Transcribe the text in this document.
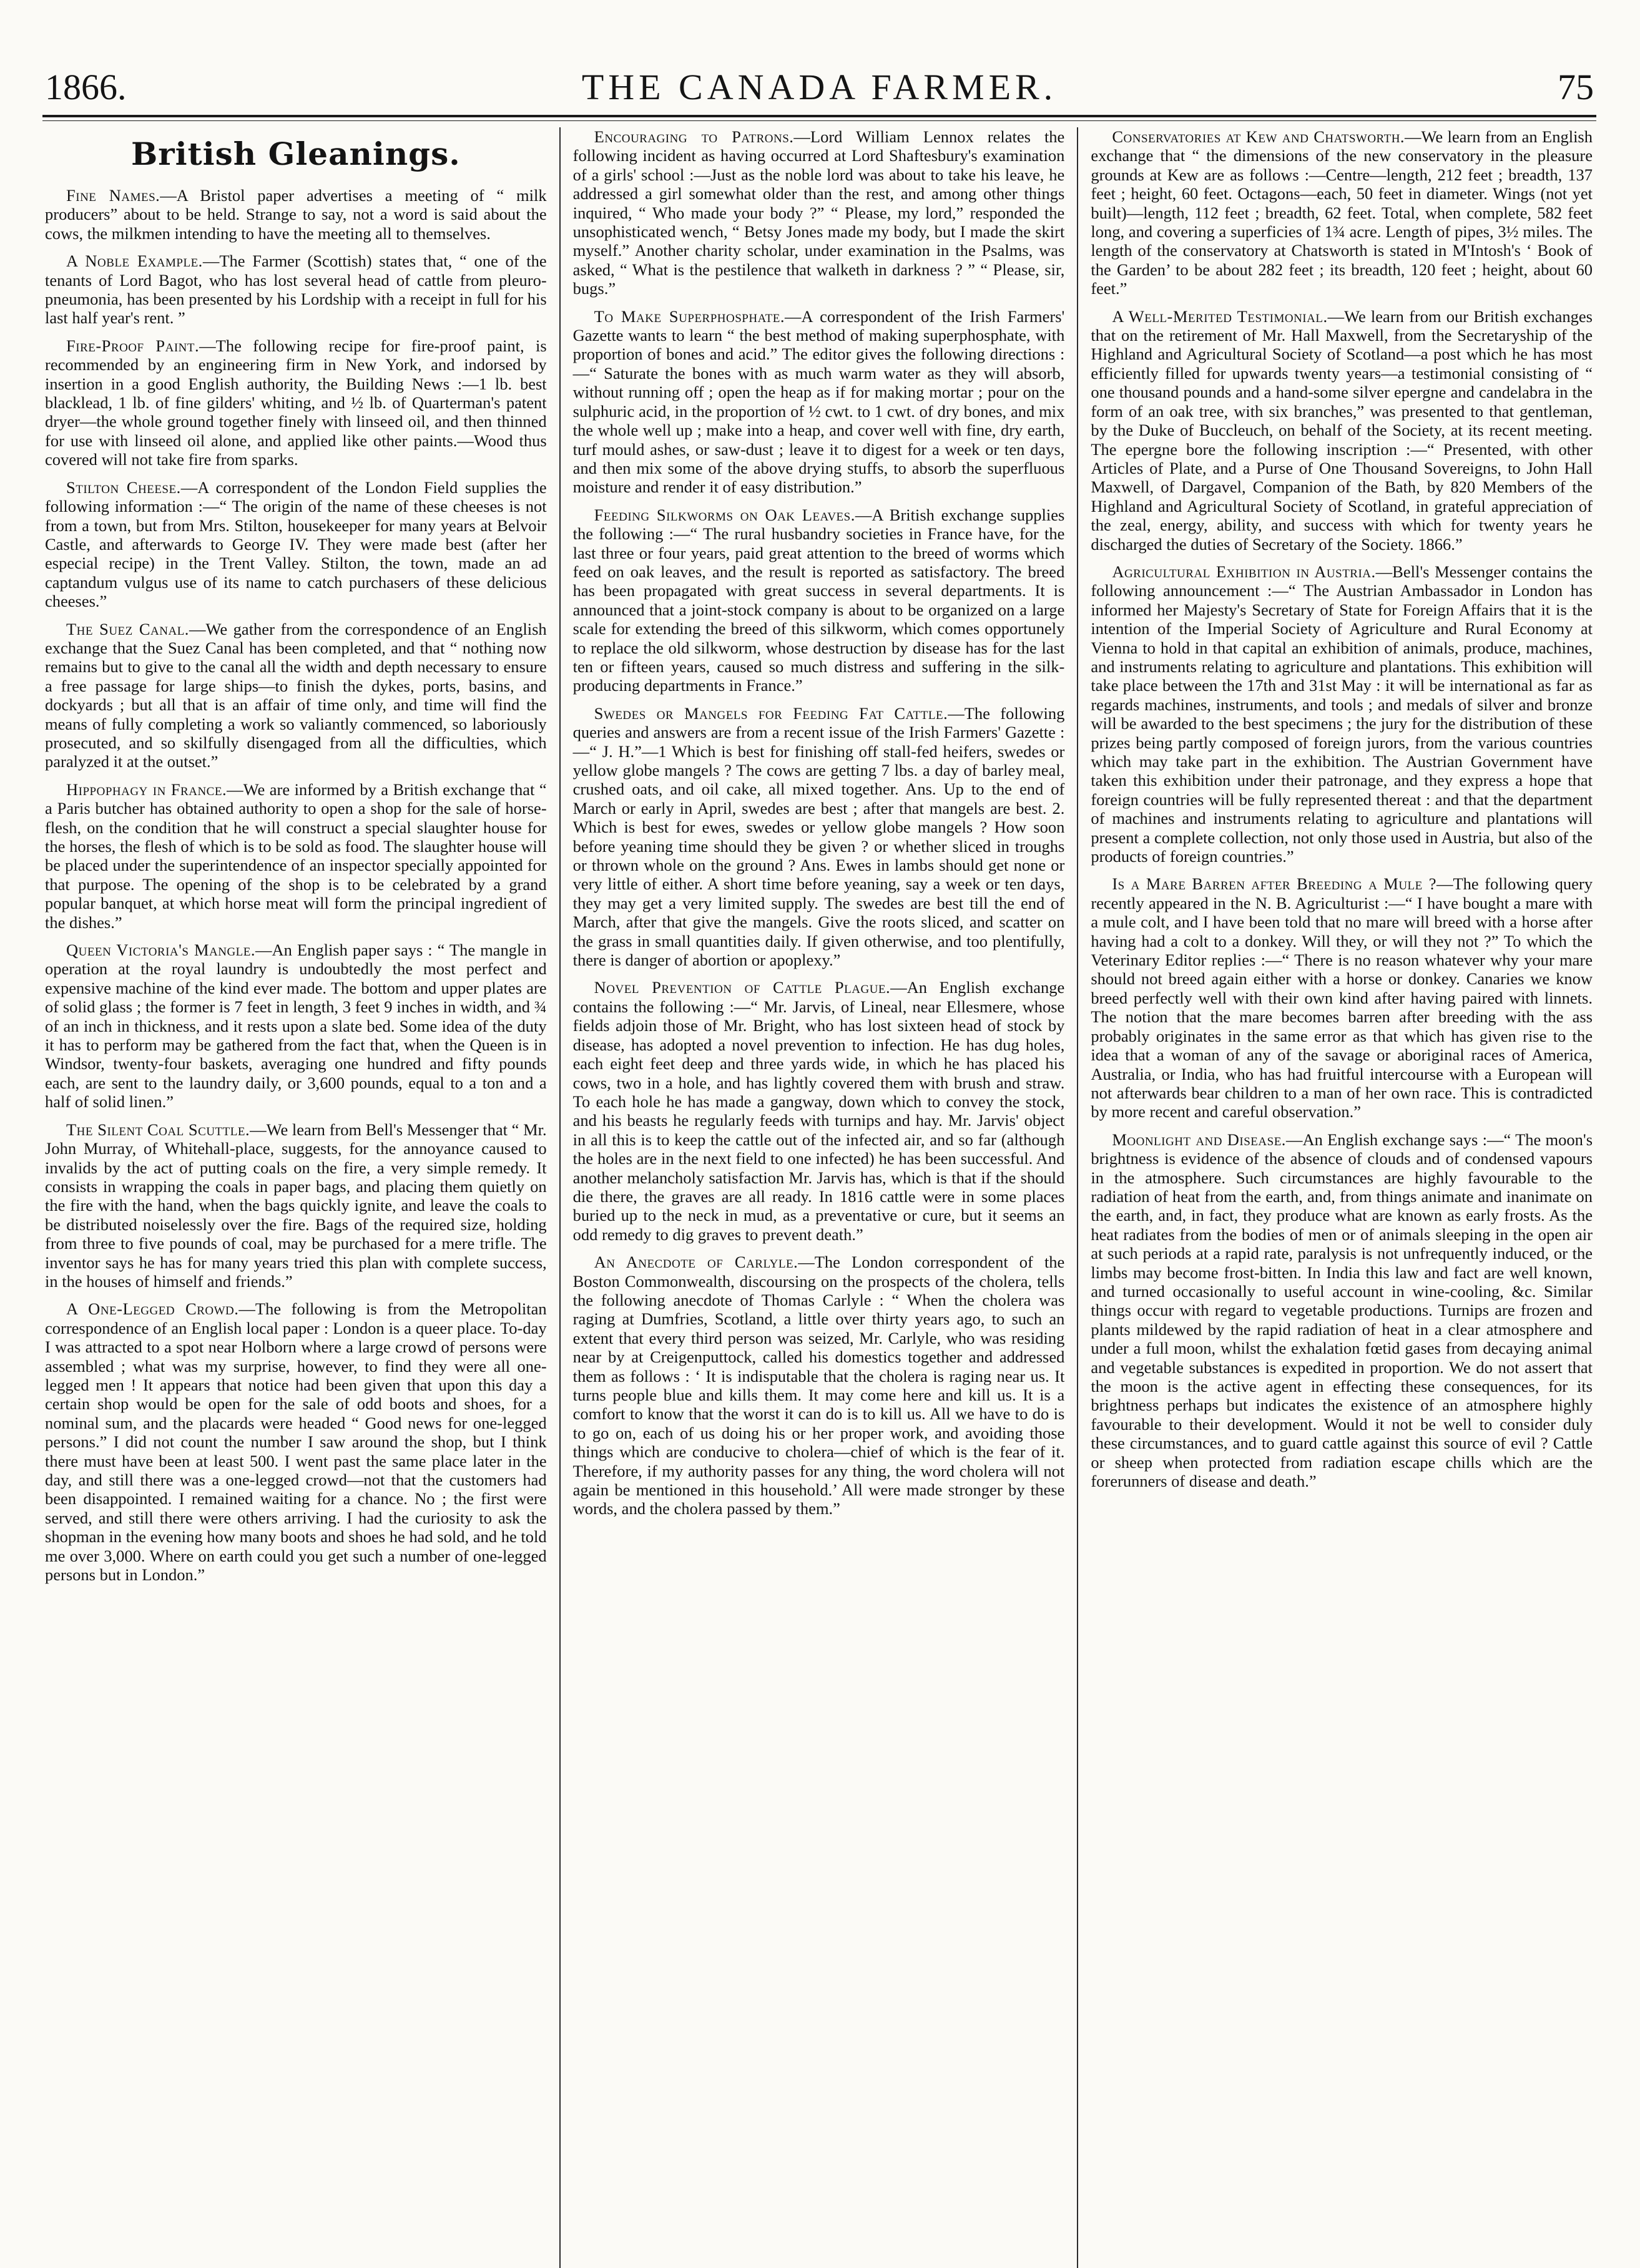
1866.	THE CANADA FARMER.	75
British Gleanings.

Fine Names.—A Bristol paper advertises a meeting of “ milk producers” about to be held. Strange to say, not a word is said about the cows, the milkmen intending to have the meeting all to themselves.

A Noble Example.—The Farmer (Scottish) states that, “ one of the tenants of Lord Bagot, who has lost several head of cattle from pleuro-pneumonia, has been presented by his Lordship with a receipt in full for his last half year's rent. ”

Fire-Proof Paint.—The following recipe for fire-proof paint, is recommended by an engineering firm in New York, and indorsed by insertion in a good English authority, the Building News :—1 lb. best blacklead, 1 lb. of fine gilders' whiting, and ½ lb. of Quarterman's patent dryer—the whole ground together finely with linseed oil, and then thinned for use with linseed oil alone, and applied like other paints.—Wood thus covered will not take fire from sparks.

Stilton Cheese.—A correspondent of the London Field supplies the following information :—“ The origin of the name of these cheeses is not from a town, but from Mrs. Stilton, housekeeper for many years at Belvoir Castle, and afterwards to George IV. They were made best (after her especial recipe) in the Trent Valley. Stilton, the town, made an ad captandum vulgus use of its name to catch purchasers of these delicious cheeses.”

The Suez Canal.—We gather from the correspondence of an English exchange that the Suez Canal has been completed, and that “ nothing now remains but to give to the canal all the width and depth necessary to ensure a free passage for large ships—to finish the dykes, ports, basins, and dockyards ; but all that is an affair of time only, and time will find the means of fully completing a work so valiantly commenced, so laboriously prosecuted, and so skilfully disengaged from all the difficulties, which paralyzed it at the outset.”

Hippophagy in France.—We are informed by a British exchange that “ a Paris butcher has obtained authority to open a shop for the sale of horse-flesh, on the condition that he will construct a special slaughter house for the horses, the flesh of which is to be sold as food. The slaughter house will be placed under the superintendence of an inspector specially appointed for that purpose. The opening of the shop is to be celebrated by a grand popular banquet, at which horse meat will form the principal ingredient of the dishes.”

Queen Victoria's Mangle.—An English paper says : “ The mangle in operation at the royal laundry is undoubtedly the most perfect and expensive machine of the kind ever made. The bottom and upper plates are of solid glass ; the former is 7 feet in length, 3 feet 9 inches in width, and ¾ of an inch in thickness, and it rests upon a slate bed. Some idea of the duty it has to perform may be gathered from the fact that, when the Queen is in Windsor, twenty-four baskets, averaging one hundred and fifty pounds each, are sent to the laundry daily, or 3,600 pounds, equal to a ton and a half of solid linen.”

The Silent Coal Scuttle.—We learn from Bell's Messenger that “ Mr. John Murray, of Whitehall-place, suggests, for the annoyance caused to invalids by the act of putting coals on the fire, a very simple remedy. It consists in wrapping the coals in paper bags, and placing them quietly on the fire with the hand, when the bags quickly ignite, and leave the coals to be distributed noiselessly over the fire. Bags of the required size, holding from three to five pounds of coal, may be purchased for a mere trifle. The inventor says he has for many years tried this plan with complete success, in the houses of himself and friends.”

A One-Legged Crowd.—The following is from the Metropolitan correspondence of an English local paper : London is a queer place. To-day I was attracted to a spot near Holborn where a large crowd of persons were assembled ; what was my surprise, however, to find they were all one-legged men ! It appears that notice had been given that upon this day a certain shop would be open for the sale of odd boots and shoes, for a nominal sum, and the placards were headed “ Good news for one-legged persons.” I did not count the number I saw around the shop, but I think there must have been at least 500. I went past the same place later in the day, and still there was a one-legged crowd—not that the customers had been disappointed. I remained waiting for a chance. No ; the first were served, and still there were others arriving. I had the curiosity to ask the shopman in the evening how many boots and shoes he had sold, and he told me over 3,000. Where on earth could you get such a number of one-legged persons but in London.”

Encouraging to Patrons.—Lord William Lennox relates the following incident as having occurred at Lord Shaftesbury's examination of a girls' school :—Just as the noble lord was about to take his leave, he addressed a girl somewhat older than the rest, and among other things inquired, “ Who made your body ?” “ Please, my lord,” responded the unsophisticated wench, “ Betsy Jones made my body, but I made the skirt myself.” Another charity scholar, under examination in the Psalms, was asked, “ What is the pestilence that walketh in darkness ? ” “ Please, sir, bugs.”

To Make Superphosphate.—A correspondent of the Irish Farmers' Gazette wants to learn “ the best method of making superphosphate, with proportion of bones and acid.” The editor gives the following directions :—“ Saturate the bones with as much warm water as they will absorb, without running off ; open the heap as if for making mortar ; pour on the sulphuric acid, in the proportion of ½ cwt. to 1 cwt. of dry bones, and mix the whole well up ; make into a heap, and cover well with fine, dry earth, turf mould ashes, or saw-dust ; leave it to digest for a week or ten days, and then mix some of the above drying stuffs, to absorb the superfluous moisture and render it of easy distribution.”

Feeding Silkworms on Oak Leaves.—A British exchange supplies the following :—“ The rural husbandry societies in France have, for the last three or four years, paid great attention to the breed of worms which feed on oak leaves, and the result is reported as satisfactory. The breed has been propagated with great success in several departments. It is announced that a joint-stock company is about to be organized on a large scale for extending the breed of this silkworm, which comes opportunely to replace the old silkworm, whose destruction by disease has for the last ten or fifteen years, caused so much distress and suffering in the silk-producing departments in France.”

Swedes or Mangels for Feeding Fat Cattle.—The following queries and answers are from a recent issue of the Irish Farmers' Gazette :—“ J. H.”—1 Which is best for finishing off stall-fed heifers, swedes or yellow globe mangels ? The cows are getting 7 lbs. a day of barley meal, crushed oats, and oil cake, all mixed together. Ans. Up to the end of March or early in April, swedes are best ; after that mangels are best. 2. Which is best for ewes, swedes or yellow globe mangels ? How soon before yeaning time should they be given ? or whether sliced in troughs or thrown whole on the ground ? Ans. Ewes in lambs should get none or very little of either. A short time before yeaning, say a week or ten days, they may get a very limited supply. The swedes are best till the end of March, after that give the mangels. Give the roots sliced, and scatter on the grass in small quantities daily. If given otherwise, and too plentifully, there is danger of abortion or apoplexy.”

Novel Prevention of Cattle Plague.—An English exchange contains the following :—“ Mr. Jarvis, of Lineal, near Ellesmere, whose fields adjoin those of Mr. Bright, who has lost sixteen head of stock by disease, has adopted a novel prevention to infection. He has dug holes, each eight feet deep and three yards wide, in which he has placed his cows, two in a hole, and has lightly covered them with brush and straw. To each hole he has made a gangway, down which to convey the stock, and his beasts he regularly feeds with turnips and hay. Mr. Jarvis' object in all this is to keep the cattle out of the infected air, and so far (although the holes are in the next field to one infected) he has been successful. And another melancholy satisfaction Mr. Jarvis has, which is that if the should die there, the graves are all ready. In 1816 cattle were in some places buried up to the neck in mud, as a preventative or cure, but it seems an odd remedy to dig graves to prevent death.”

An Anecdote of Carlyle.—The London correspondent of the Boston Commonwealth, discoursing on the prospects of the cholera, tells the following anecdote of Thomas Carlyle : “ When the cholera was raging at Dumfries, Scotland, a little over thirty years ago, to such an extent that every third person was seized, Mr. Carlyle, who was residing near by at Creigenputtock, called his domestics together and addressed them as follows : ‘ It is indisputable that the cholera is raging near us. It turns people blue and kills them. It may come here and kill us. It is a comfort to know that the worst it can do is to kill us. All we have to do is to go on, each of us doing his or her proper work, and avoiding those things which are conducive to cholera—chief of which is the fear of it. Therefore, if my authority passes for any thing, the word cholera will not again be mentioned in this household.’ All were made stronger by these words, and the cholera passed by them.”

Conservatories at Kew and Chatsworth.—We learn from an English exchange that “ the dimensions of the new conservatory in the pleasure grounds at Kew are as follows :—Centre—length, 212 feet ; breadth, 137 feet ; height, 60 feet. Octagons—each, 50 feet in diameter. Wings (not yet built)—length, 112 feet ; breadth, 62 feet. Total, when complete, 582 feet long, and covering a superficies of 1¾ acre. Length of pipes, 3½ miles. The length of the conservatory at Chatsworth is stated in M'Intosh's ‘ Book of the Garden’ to be about 282 feet ; its breadth, 120 feet ; height, about 60 feet.”

A Well-Merited Testimonial.—We learn from our British exchanges that on the retirement of Mr. Hall Maxwell, from the Secretaryship of the Highland and Agricultural Society of Scotland—a post which he has most efficiently filled for upwards twenty years—a testimonial consisting of “ one thousand pounds and a hand-some silver epergne and candelabra in the form of an oak tree, with six branches,” was presented to that gentleman, by the Duke of Buccleuch, on behalf of the Society, at its recent meeting. The epergne bore the following inscription :—“ Presented, with other Articles of Plate, and a Purse of One Thousand Sovereigns, to John Hall Maxwell, of Dargavel, Companion of the Bath, by 820 Members of the Highland and Agricultural Society of Scotland, in grateful appreciation of the zeal, energy, ability, and success with which for twenty years he discharged the duties of Secretary of the Society. 1866.”

Agricultural Exhibition in Austria.—Bell's Messenger contains the following announcement :—“ The Austrian Ambassador in London has informed her Majesty's Secretary of State for Foreign Affairs that it is the intention of the Imperial Society of Agriculture and Rural Economy at Vienna to hold in that capital an exhibition of animals, produce, machines, and instruments relating to agriculture and plantations. This exhibition will take place between the 17th and 31st May : it will be international as far as regards machines, instruments, and tools ; and medals of silver and bronze will be awarded to the best specimens ; the jury for the distribution of these prizes being partly composed of foreign jurors, from the various countries which may take part in the exhibition. The Austrian Government have taken this exhibition under their patronage, and they express a hope that foreign countries will be fully represented thereat : and that the department of machines and instruments relating to agriculture and plantations will present a complete collection, not only those used in Austria, but also of the products of foreign countries.”

Is a Mare Barren after Breeding a Mule ?—The following query recently appeared in the N. B. Agriculturist :—“ I have bought a mare with a mule colt, and I have been told that no mare will breed with a horse after having had a colt to a donkey. Will they, or will they not ?” To which the Veterinary Editor replies :—“ There is no reason whatever why your mare should not breed again either with a horse or donkey. Canaries we know breed perfectly well with their own kind after having paired with linnets. The notion that the mare becomes barren after breeding with the ass probably originates in the same error as that which has given rise to the idea that a woman of any of the savage or aboriginal races of America, Australia, or India, who has had fruitful intercourse with a European will not afterwards bear children to a man of her own race. This is contradicted by more recent and careful observation.”

Moonlight and Disease.—An English exchange says :—“ The moon's brightness is evidence of the absence of clouds and of condensed vapours in the atmosphere. Such circumstances are highly favourable to the radiation of heat from the earth, and, from things animate and inanimate on the earth, and, in fact, they produce what are known as early frosts. As the heat radiates from the bodies of men or of animals sleeping in the open air at such periods at a rapid rate, paralysis is not unfrequently induced, or the limbs may become frost-bitten. In India this law and fact are well known, and turned occasionally to useful account in wine-cooling, &c. Similar things occur with regard to vegetable productions. Turnips are frozen and plants mildewed by the rapid radiation of heat in a clear atmosphere and under a full moon, whilst the exhalation fœtid gases from decaying animal and vegetable substances is expedited in proportion. We do not assert that the moon is the active agent in effecting these consequences, for its brightness perhaps but indicates the existence of an atmosphere highly favourable to their development. Would it not be well to consider duly these circumstances, and to guard cattle against this source of evil ? Cattle or sheep when protected from radiation escape chills which are the forerunners of disease and death.”
